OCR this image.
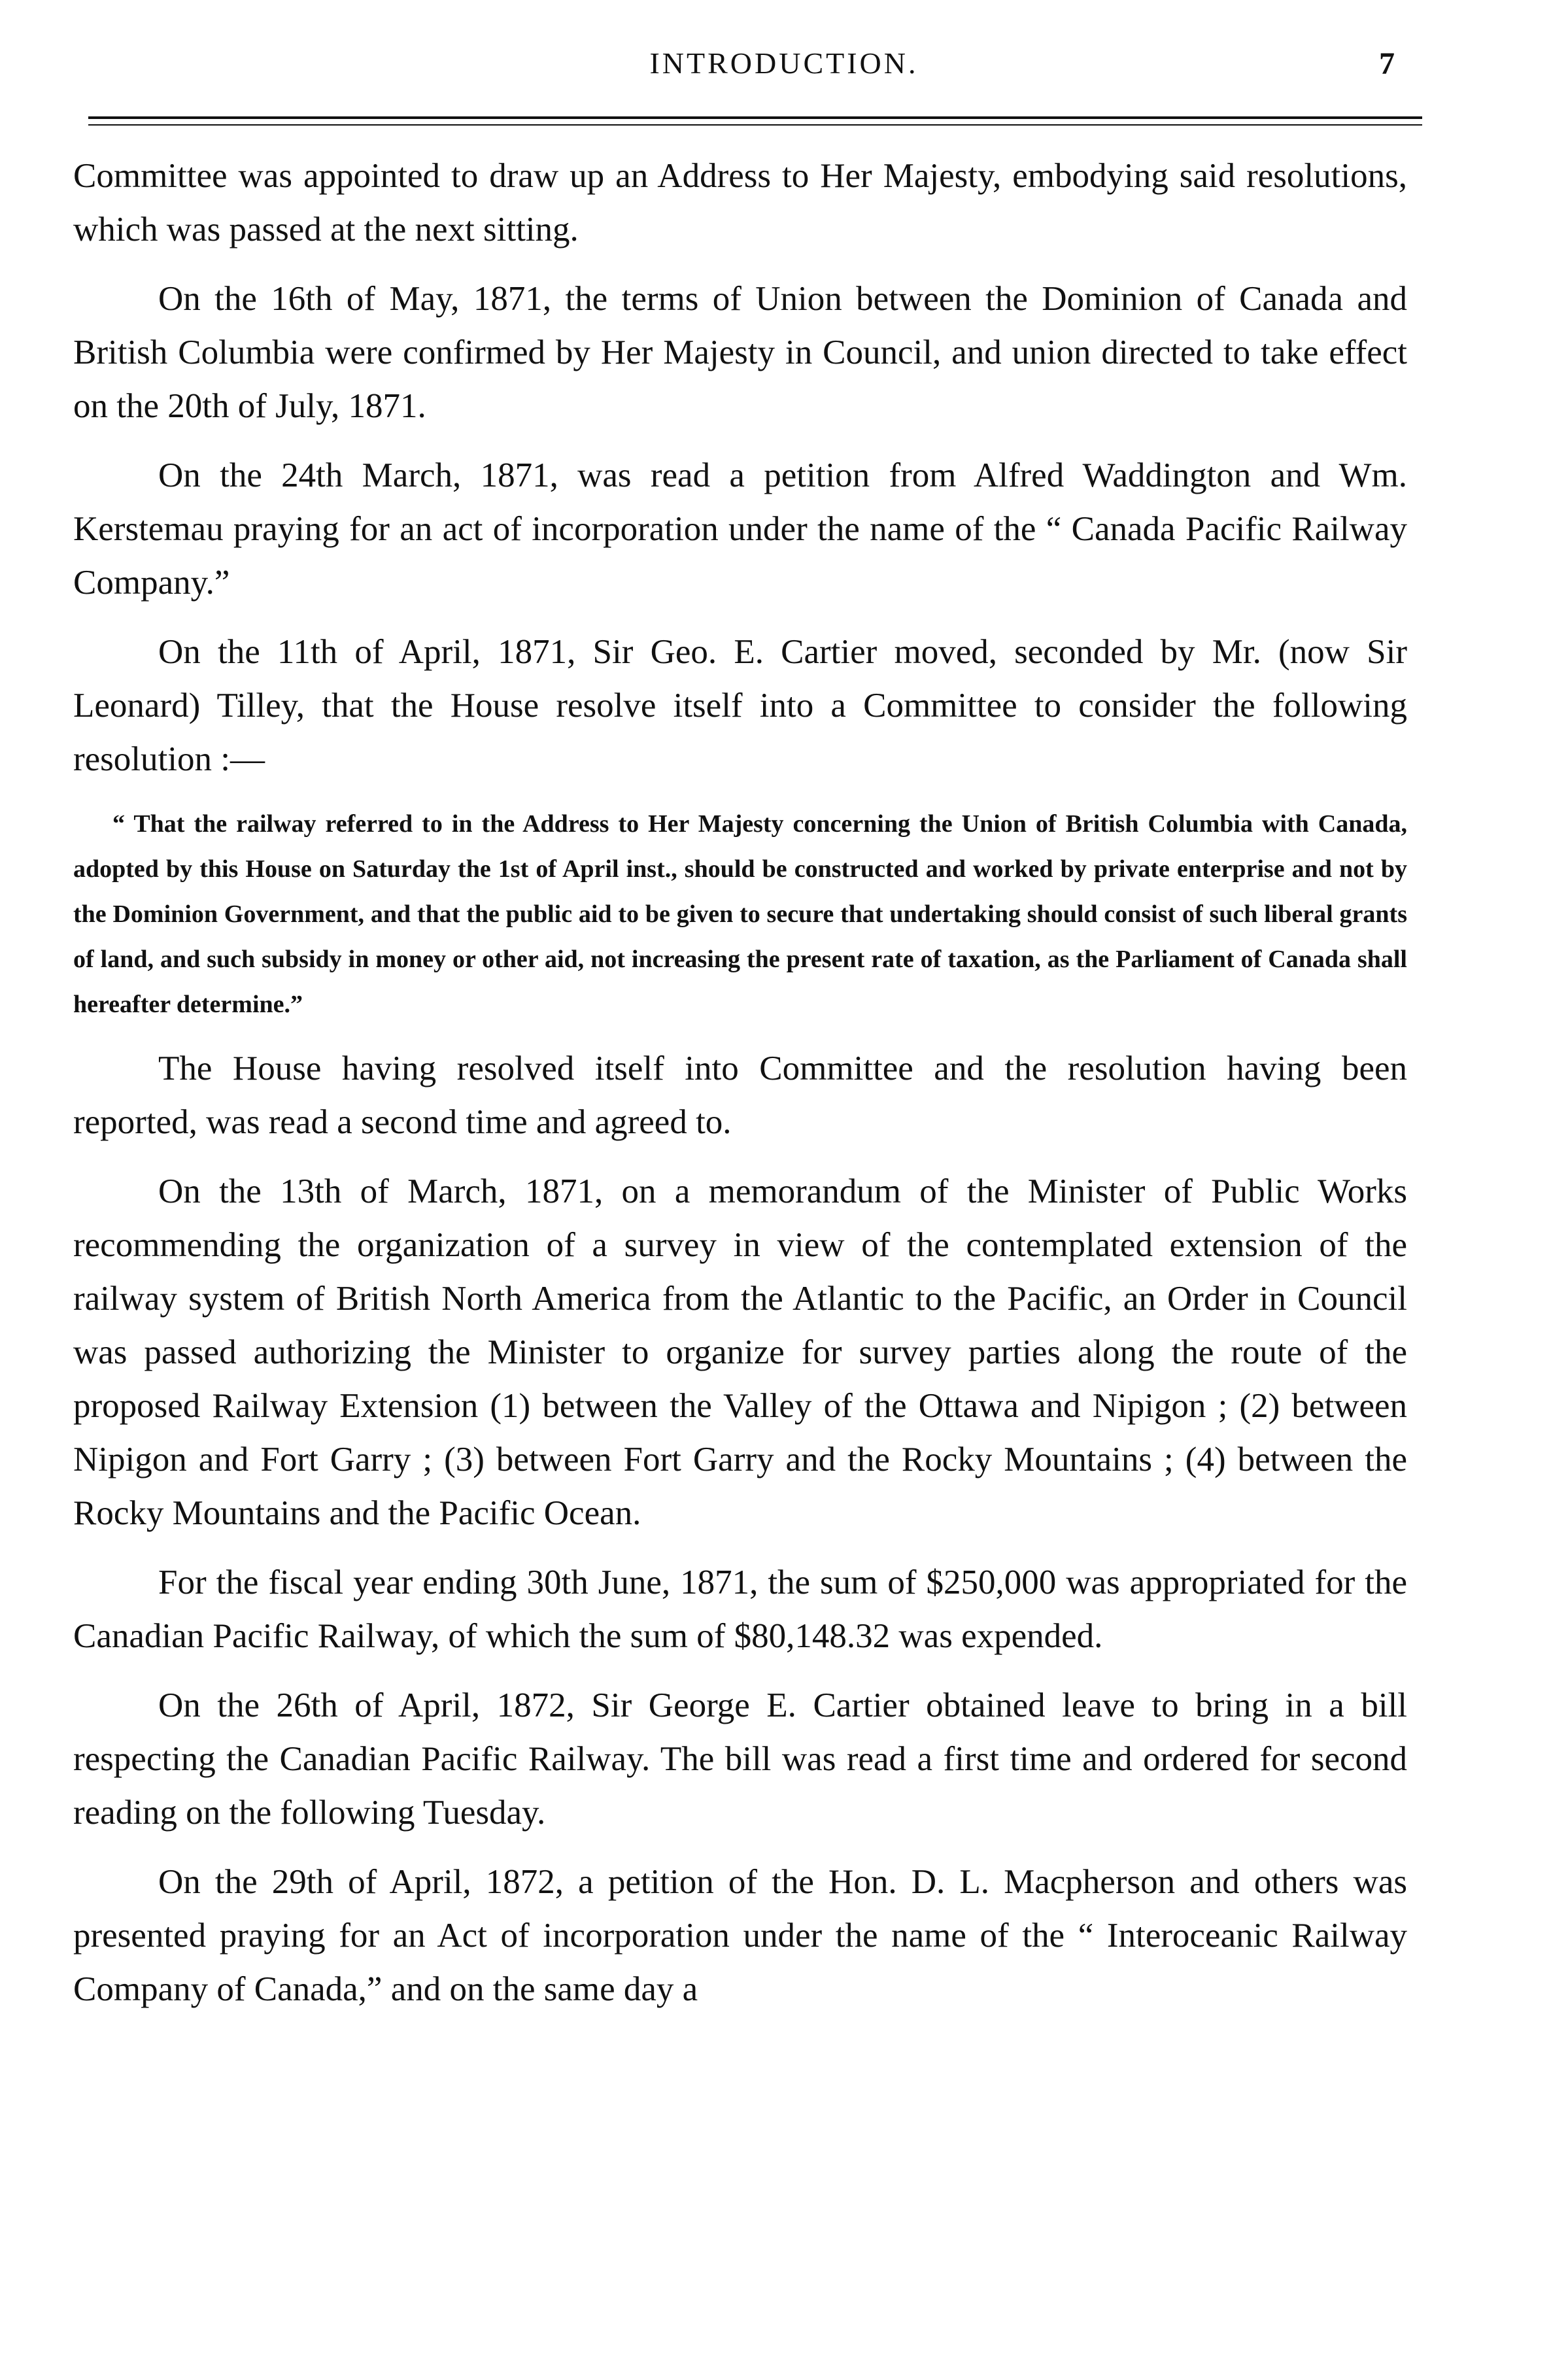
INTRODUCTION.	7

Committee was appointed to draw up an Address to Her Majesty, embodying said resolutions, which was passed at the next sitting.

On the 16th of May, 1871, the terms of Union between the Dominion of Canada and British Columbia were confirmed by Her Majesty in Council, and union directed to take effect on the 20th of July, 1871.

On the 24th March, 1871, was read a petition from Alfred Waddington and Wm. Kerstemau praying for an act of incorporation under the name of the “ Canada Pacific Railway Company.”

On the 11th of April, 1871, Sir Geo. E. Cartier moved, seconded by Mr. (now Sir Leonard) Tilley, that the House resolve itself into a Committee to consider the following resolution :—

“ That the railway referred to in the Address to Her Majesty concerning the Union of British Columbia with Canada, adopted by this House on Saturday the 1st of April inst., should be constructed and worked by private enterprise and not by the Dominion Government, and that the public aid to be given to secure that undertaking should consist of such liberal grants of land, and such subsidy in money or other aid, not increasing the present rate of taxation, as the Parliament of Canada shall hereafter determine.”

The House having resolved itself into Committee and the resolution having been reported, was read a second time and agreed to.

On the 13th of March, 1871, on a memorandum of the Minister of Public Works recommending the organization of a survey in view of the contemplated extension of the railway system of British North America from the Atlantic to the Pacific, an Order in Council was passed authorizing the Minister to organize for survey parties along the route of the proposed Railway Extension (1) between the Valley of the Ottawa and Nipigon ; (2) between Nipigon and Fort Garry ; (3) between Fort Garry and the Rocky Mountains ; (4) between the Rocky Mountains and the Pacific Ocean.

For the fiscal year ending 30th June, 1871, the sum of $250,000 was appropriated for the Canadian Pacific Railway, of which the sum of $80,148.32 was expended.

On the 26th of April, 1872, Sir George E. Cartier obtained leave to bring in a bill respecting the Canadian Pacific Railway. The bill was read a first time and ordered for second reading on the following Tuesday.

On the 29th of April, 1872, a petition of the Hon. D. L. Macpherson and others was presented praying for an Act of incorporation under the name of the “ Interoceanic Railway Company of Canada,” and on the same day a
